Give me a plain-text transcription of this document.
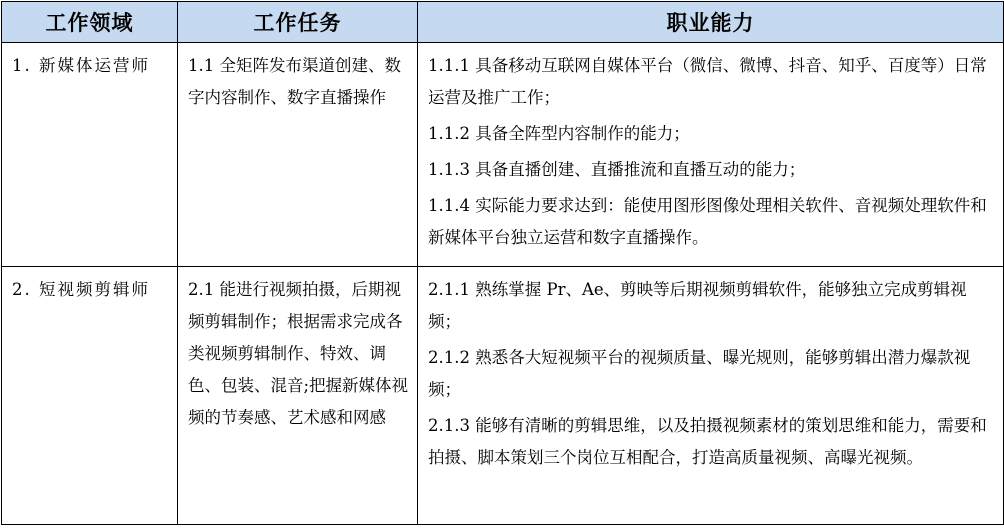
工作领域	工作任务	职业能力
1. 新媒体运营师	1.1 全矩阵发布渠道创建、数字内容制作、数字直播操作	1.1.1 具备移动互联网自媒体平台（微信、微博、抖音、知乎、百度等）日常运营及推广工作；

1.1.2 具备全阵型内容制作的能力；

1.1.3 具备直播创建、直播推流和直播互动的能力；

1.1.4 实际能力要求达到：能使用图形图像处理相关软件、音视频处理软件和新媒体平台独立运营和数字直播操作。

2. 短视频剪辑师	2.1 能进行视频拍摄，后期视频剪辑制作；根据需求完成各类视频剪辑制作、特效、调色、包装、混音;把握新媒体视频的节奏感、艺术感和网感	2.1.1 熟练掌握 Pr、Ae、剪映等后期视频剪辑软件，能够独立完成剪辑视频；

2.1.2 熟悉各大短视频平台的视频质量、曝光规则，能够剪辑出潜力爆款视频；

2.1.3 能够有清晰的剪辑思维，以及拍摄视频素材的策划思维和能力，需要和拍摄、脚本策划三个岗位互相配合，打造高质量视频、高曝光视频。
